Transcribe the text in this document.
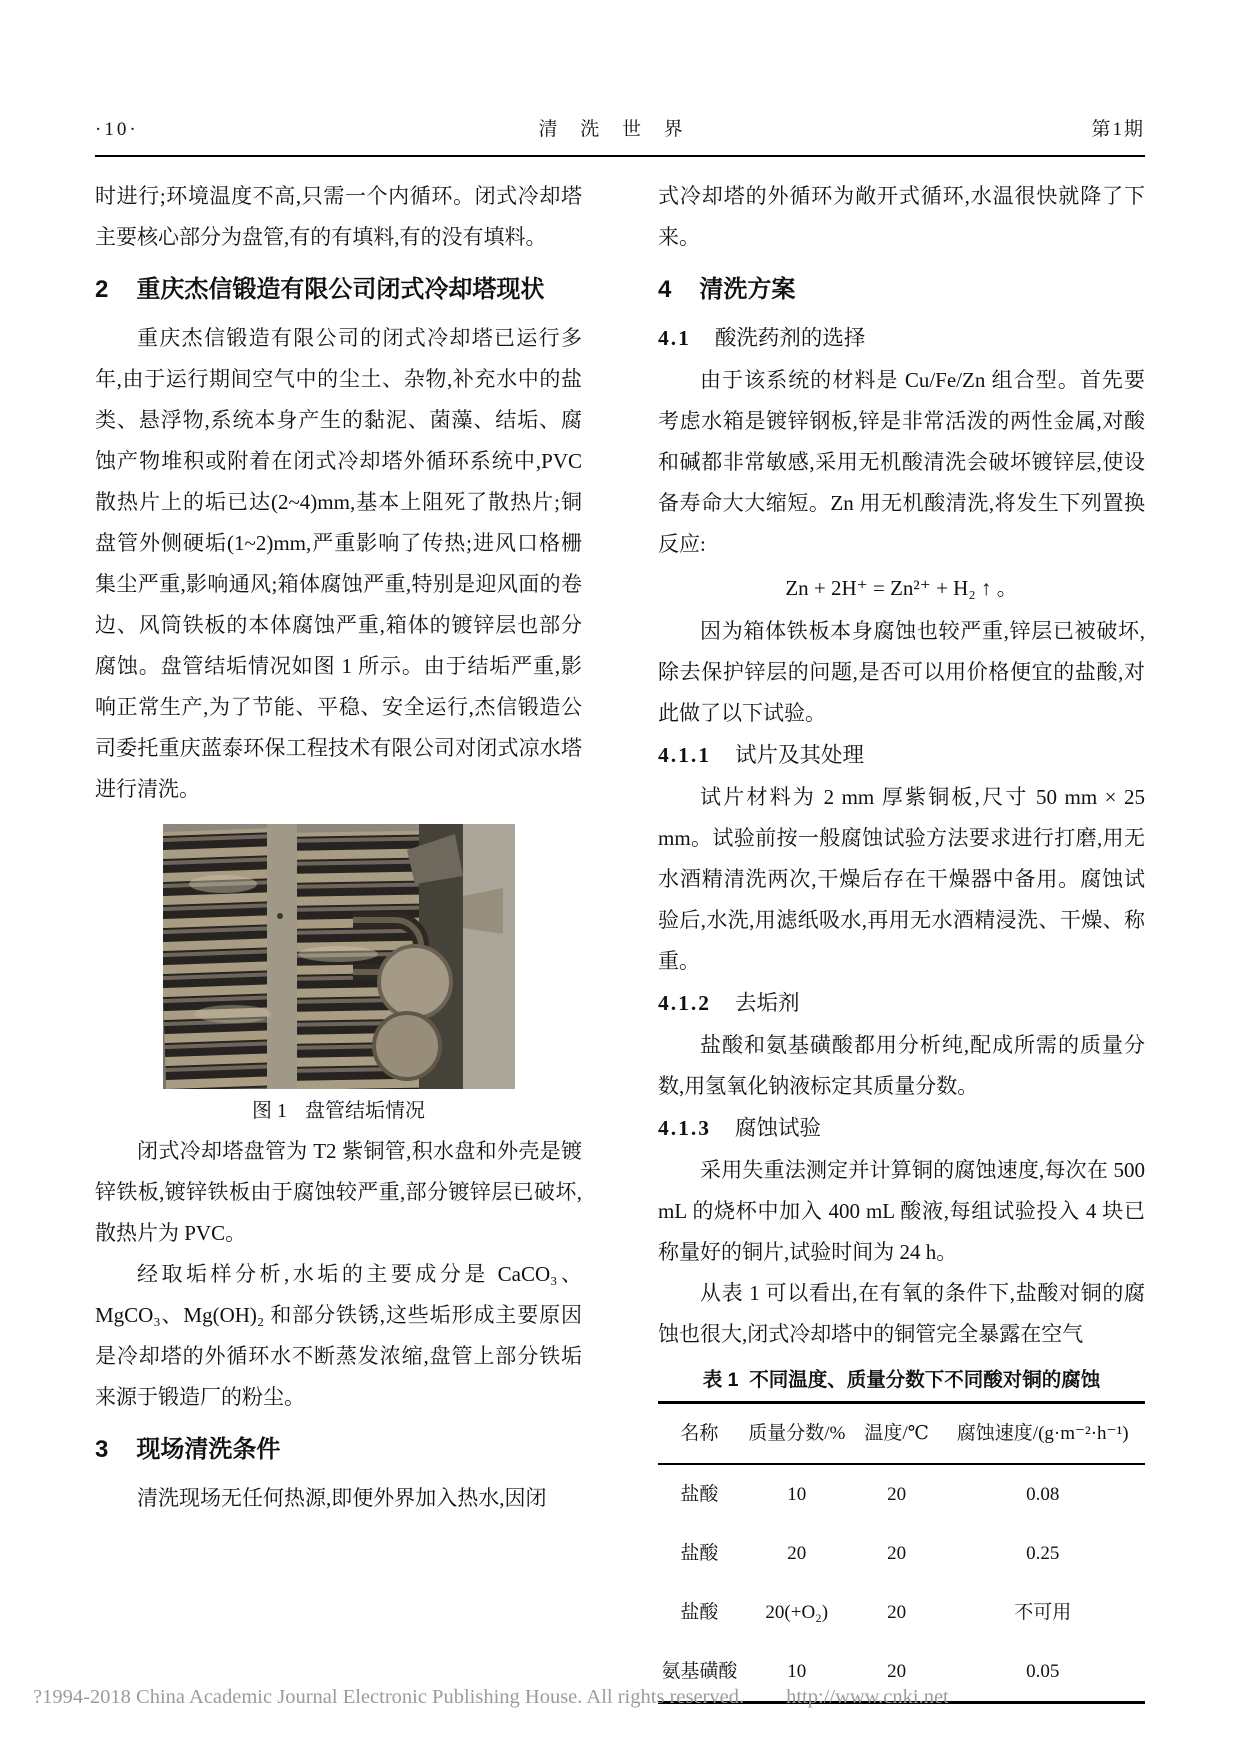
·10·	清 洗 世 界	第1期

时进行;环境温度不高,只需一个内循环。闭式冷却塔主要核心部分为盘管,有的有填料,有的没有填料。

2 重庆杰信锻造有限公司闭式冷却塔现状

重庆杰信锻造有限公司的闭式冷却塔已运行多年,由于运行期间空气中的尘土、杂物,补充水中的盐类、悬浮物,系统本身产生的黏泥、菌藻、结垢、腐蚀产物堆积或附着在闭式冷却塔外循环系统中,PVC 散热片上的垢已达(2~4)mm,基本上阻死了散热片;铜盘管外侧硬垢(1~2)mm,严重影响了传热;进风口格栅集尘严重,影响通风;箱体腐蚀严重,特别是迎风面的卷边、风筒铁板的本体腐蚀严重,箱体的镀锌层也部分腐蚀。盘管结垢情况如图 1 所示。由于结垢严重,影响正常生产,为了节能、平稳、安全运行,杰信锻造公司委托重庆蓝泰环保工程技术有限公司对闭式凉水塔进行清洗。

图 1 盘管结垢情况

闭式冷却塔盘管为 T2 紫铜管,积水盘和外壳是镀锌铁板,镀锌铁板由于腐蚀较严重,部分镀锌层已破坏,散热片为 PVC。

经取垢样分析,水垢的主要成分是 CaCO₃、MgCO₃、Mg(OH)₂ 和部分铁锈,这些垢形成主要原因是冷却塔的外循环水不断蒸发浓缩,盘管上部分铁垢来源于锻造厂的粉尘。

3 现场清洗条件

清洗现场无任何热源,即便外界加入热水,因闭

式冷却塔的外循环为敞开式循环,水温很快就降了下来。

4 清洗方案
4.1 酸洗药剂的选择

由于该系统的材料是 Cu/Fe/Zn 组合型。首先要考虑水箱是镀锌钢板,锌是非常活泼的两性金属,对酸和碱都非常敏感,采用无机酸清洗会破坏镀锌层,使设备寿命大大缩短。Zn 用无机酸清洗,将发生下列置换反应:

Zn + 2H⁺ = Zn²⁺ + H₂ ↑ 。

因为箱体铁板本身腐蚀也较严重,锌层已被破坏,除去保护锌层的问题,是否可以用价格便宜的盐酸,对此做了以下试验。

4.1.1 试片及其处理

试片材料为 2 mm 厚紫铜板,尺寸 50 mm × 25 mm。试验前按一般腐蚀试验方法要求进行打磨,用无水酒精清洗两次,干燥后存在干燥器中备用。腐蚀试验后,水洗,用滤纸吸水,再用无水酒精浸洗、干燥、称重。

4.1.2 去垢剂

盐酸和氨基磺酸都用分析纯,配成所需的质量分数,用氢氧化钠液标定其质量分数。

4.1.3 腐蚀试验

采用失重法测定并计算铜的腐蚀速度,每次在 500 mL 的烧杯中加入 400 mL 酸液,每组试验投入 4 块已称量好的铜片,试验时间为 24 h。

从表 1 可以看出,在有氧的条件下,盐酸对铜的腐蚀也很大,闭式冷却塔中的铜管完全暴露在空气

表 1 不同温度、质量分数下不同酸对铜的腐蚀
名称	质量分数/%	温度/℃	腐蚀速度/(g·m⁻²·h⁻¹)
盐酸	10	20	0.08
盐酸	20	20	0.25
盐酸	20(+O₂)	20	不可用
氨基磺酸	10	20	0.05
?1994-2018 China Academic Journal Electronic Publishing House. All rights reserved. http://www.cnki.net
